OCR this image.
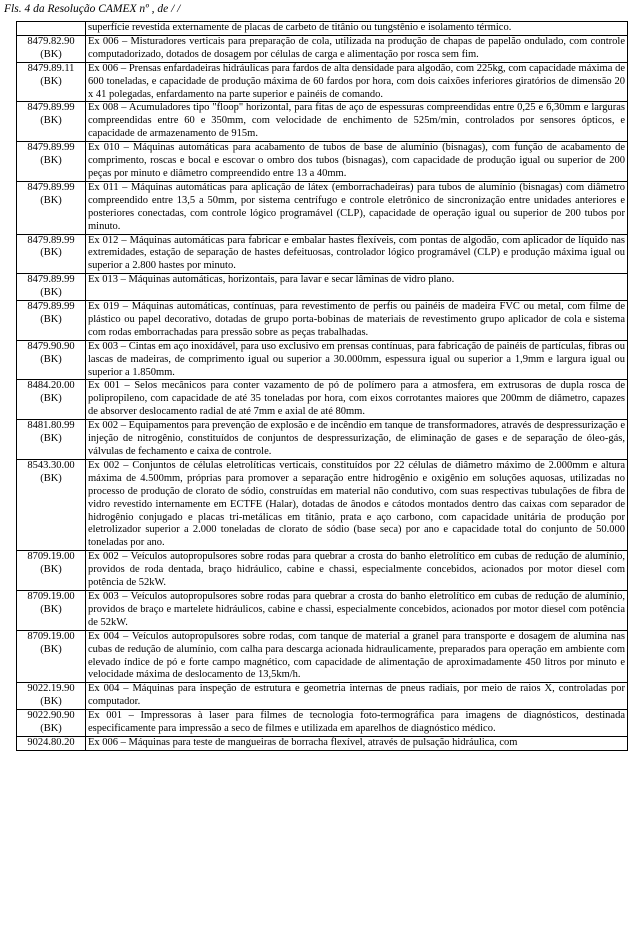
Fls. 4 da Resolução CAMEX nº , de / /
	superfície revestida externamente de placas de carbeto de titânio ou tungstênio e isolamento térmico.

8479.82.90
(BK)	Ex 006 – Misturadores verticais para preparação de cola, utilizada na produção de chapas de papelão ondulado, com controle computadorizado, dotados de dosagem por células de carga e alimentação por rosca sem fim.

8479.89.11
(BK)	Ex 006 – Prensas enfardadeiras hidráulicas para fardos de alta densidade para algodão, com 225kg, com capacidade máxima de 600 toneladas, e capacidade de produção máxima de 60 fardos por hora, com dois caixões inferiores giratórios de dimensão 20 x 41 polegadas, enfardamento na parte superior e painéis de comando.

8479.89.99
(BK)	Ex 008 – Acumuladores tipo "floop" horizontal, para fitas de aço de espessuras compreendidas entre 0,25 e 6,30mm e larguras compreendidas entre 60 e 350mm, com velocidade de enchimento de 525m/min, controlados por sensores ópticos, e capacidade de armazenamento de 915m.

8479.89.99
(BK)	Ex 010 – Máquinas automáticas para acabamento de tubos de base de alumínio (bisnagas), com função de acabamento de comprimento, roscas e bocal e escovar o ombro dos tubos (bisnagas), com capacidade de produção igual ou superior de 200 peças por minuto e diâmetro compreendido entre 13 a 40mm.

8479.89.99
(BK)	Ex 011 – Máquinas automáticas para aplicação de látex (emborrachadeiras) para tubos de alumínio (bisnagas) com diâmetro compreendido entre 13,5 a 50mm, por sistema centrífugo e controle eletrônico de sincronização entre unidades anteriores e posteriores conectadas, com controle lógico programável (CLP), capacidade de operação igual ou superior de 200 tubos por minuto.

8479.89.99
(BK)	Ex 012 – Máquinas automáticas para fabricar e embalar hastes flexíveis, com pontas de algodão, com aplicador de líquido nas extremidades, estação de separação de hastes defeituosas, controlador lógico programável (CLP) e produção máxima igual ou superior a 2.800 hastes por minuto.

8479.89.99
(BK)	Ex 013 – Máquinas automáticas, horizontais, para lavar e secar lâminas de vidro plano.

8479.89.99
(BK)	Ex 019 – Máquinas automáticas, contínuas, para revestimento de perfis ou painéis de madeira FVC ou metal, com filme de plástico ou papel decorativo, dotadas de grupo porta-bobinas de materiais de revestimento grupo aplicador de cola e sistema com rodas emborrachadas para pressão sobre as peças trabalhadas.

8479.90.90
(BK)	Ex 003 – Cintas em aço inoxidável, para uso exclusivo em prensas contínuas, para fabricação de painéis de partículas, fibras ou lascas de madeiras, de comprimento igual ou superior a 30.000mm, espessura igual ou superior a 1,9mm e largura igual ou superior a 1.850mm.

8484.20.00
(BK)	Ex 001 – Selos mecânicos para conter vazamento de pó de polímero para a atmosfera, em extrusoras de dupla rosca de polipropileno, com capacidade de até 35 toneladas por hora, com eixos corrotantes maiores que 200mm de diâmetro, capazes de absorver deslocamento radial de até 7mm e axial de até 80mm.

8481.80.99
(BK)	Ex 002 – Equipamentos para prevenção de explosão e de incêndio em tanque de transformadores, através de despressurização e injeção de nitrogênio, constituídos de conjuntos de despressurização, de eliminação de gases e de separação de óleo-gás, válvulas de fechamento e caixa de controle.

8543.30.00
(BK)	Ex 002 – Conjuntos de células eletrolíticas verticais, constituídos por 22 células de diâmetro máximo de 2.000mm e altura máxima de 4.500mm, próprias para promover a separação entre hidrogênio e oxigênio em soluções aquosas, utilizadas no processo de produção de clorato de sódio, construídas em material não condutivo, com suas respectivas tubulações de fibra de vidro revestido internamente em ECTFE (Halar), dotadas de ânodos e cátodos montados dentro das caixas com separador de hidrogênio conjugado e placas tri-metálicas em titânio, prata e aço carbono, com capacidade unitária de produção por eletrolizador superior a 2.000 toneladas de clorato de sódio (base seca) por ano e capacidade total do conjunto de 50.000 toneladas por ano.

8709.19.00
(BK)	Ex 002 – Veículos autopropulsores sobre rodas para quebrar a crosta do banho eletrolítico em cubas de redução de alumínio, providos de roda dentada, braço hidráulico, cabine e chassi, especialmente concebidos, acionados por motor diesel com potência de 52kW.

8709.19.00
(BK)	Ex 003 – Veículos autopropulsores sobre rodas para quebrar a crosta do banho eletrolítico em cubas de redução de alumínio, providos de braço e martelete hidráulicos, cabine e chassi, especialmente concebidos, acionados por motor diesel com potência de 52kW.

8709.19.00
(BK)	Ex 004 – Veículos autopropulsores sobre rodas, com tanque de material a granel para transporte e dosagem de alumina nas cubas de redução de alumínio, com calha para descarga acionada hidraulicamente, preparados para operação em ambiente com elevado índice de pó e forte campo magnético, com capacidade de alimentação de aproximadamente 450 litros por minuto e velocidade máxima de deslocamento de 13,5km/h.

9022.19.90
(BK)	Ex 004 – Máquinas para inspeção de estrutura e geometria internas de pneus radiais, por meio de raios X, controladas por computador.

9022.90.90
(BK)	Ex 001 – Impressoras à laser para filmes de tecnologia foto-termográfica para imagens de diagnósticos, destinada especificamente para impressão a seco de filmes e utilizada em aparelhos de diagnóstico médico.

9024.80.20	Ex 006 – Máquinas para teste de mangueiras de borracha flexível, através de pulsação hidráulica, com
